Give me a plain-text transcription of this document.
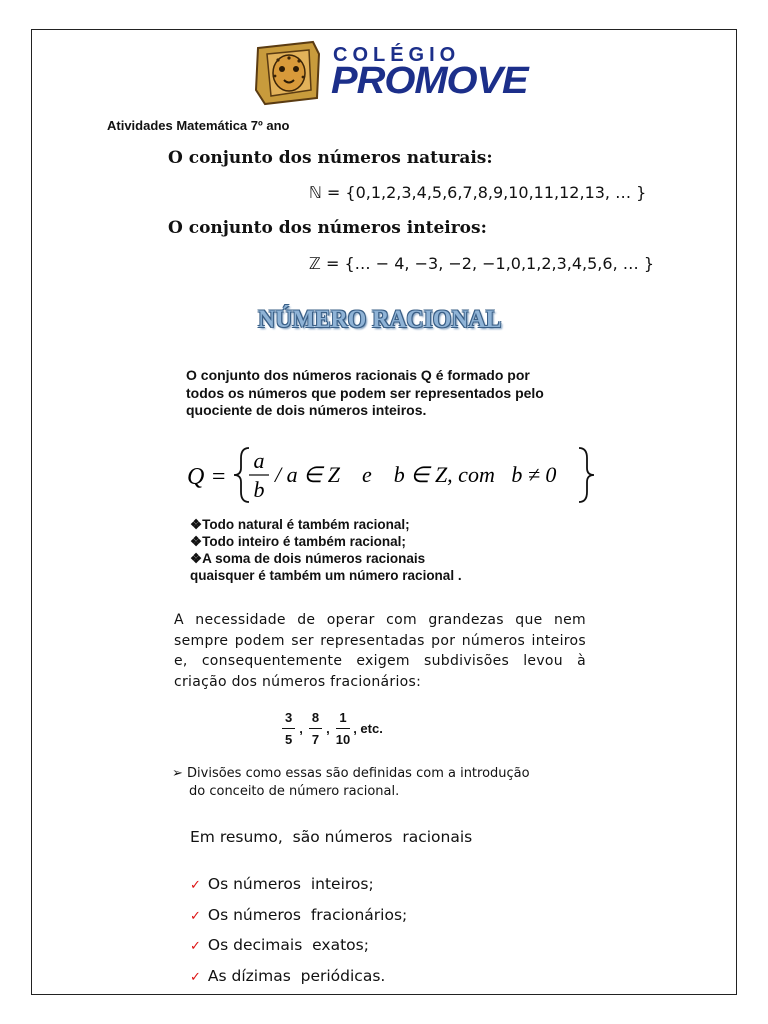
COLÉGIO
PROMOVE
Atividades Matemática 7º ano
O conjunto dos números naturais:
ℕ = {0,1,2,3,4,5,6,7,8,9,10,11,12,13, … }
O conjunto dos números inteiros:
ℤ = {… − 4, −3, −2, −1,0,1,2,3,4,5,6, … }
NÚMERO RACIONAL
O conjunto dos números racionais Q é formado por todos os números que podem ser representados pelo quociente de dois números inteiros.
Q =
a
b
/ a ∈ Z    e    b ∈ Z, com   b ≠ 0
❖Todo natural é também racional;
❖Todo inteiro é também racional;
❖A soma de dois números racionais
quaisquer é também um número racional .
A necessidade de operar com grandezas que nem sempre podem ser representadas por números inteiros e, consequentemente exigem subdivisões levou à criação dos números fracionários:
$\frac{3}{5}$ , $\frac{8}{7}$ , $\frac{1}{10}$ , etc.
➢ Divisões como essas são definidas com a introdução
do conceito de número racional.
Em resumo,  são números  racionais
✓ Os números  inteiros;
✓ Os números  fracionários;
✓ Os decimais  exatos;
✓ As dízimas  periódicas.
